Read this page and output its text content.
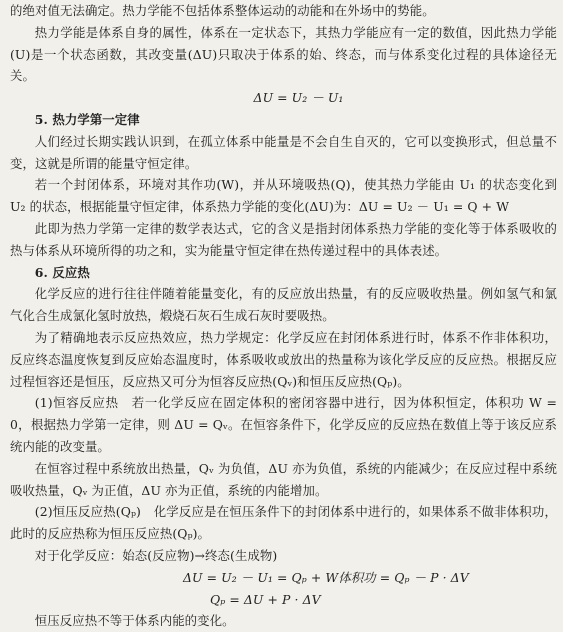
的绝对值无法确定。热力学能不包括体系整体运动的动能和在外场中的势能。

热力学能是体系自身的属性，体系在一定状态下，其热力学能应有一定的数值，因此热力学能(U)是一个状态函数，其改变量(ΔU)只取决于体系的始、终态，而与体系变化过程的具体途径无关。

ΔU = U₂ － U₁

5. 热力学第一定律

人们经过长期实践认识到，在孤立体系中能量是不会自生自灭的，它可以变换形式，但总量不变，这就是所谓的能量守恒定律。

若一个封闭体系，环境对其作功(W)，并从环境吸热(Q)，使其热力学能由 U₁ 的状态变化到 U₂ 的状态，根据能量守恒定律，体系热力学能的变化(ΔU)为：ΔU = U₂ － U₁ = Q + W

此即为热力学第一定律的数学表达式，它的含义是指封闭体系热力学能的变化等于体系吸收的热与体系从环境所得的功之和，实为能量守恒定律在热传递过程中的具体表述。

6. 反应热

化学反应的进行往往伴随着能量变化，有的反应放出热量，有的反应吸收热量。例如氢气和氯气化合生成氯化氢时放热，煅烧石灰石生成石灰时要吸热。

为了精确地表示反应热效应，热力学规定：化学反应在封闭体系进行时，体系不作非体积功，反应终态温度恢复到反应始态温度时，体系吸收或放出的热量称为该化学反应的反应热。根据反应过程恒容还是恒压，反应热又可分为恒容反应热(Qᵥ)和恒压反应热(Qₚ)。

(1)恒容反应热　若一化学反应在固定体积的密闭容器中进行，因为体积恒定，体积功 W = 0，根据热力学第一定律，则 ΔU = Qᵥ。在恒容条件下，化学反应的反应热在数值上等于该反应系统内能的改变量。

在恒容过程中系统放出热量，Qᵥ 为负值，ΔU 亦为负值，系统的内能减少；在反应过程中系统吸收热量，Qᵥ 为正值，ΔU 亦为正值，系统的内能增加。

(2)恒压反应热(Qₚ)　化学反应是在恒压条件下的封闭体系中进行的，如果体系不做非体积功，此时的反应热称为恒压反应热(Qₚ)。

对于化学反应：始态(反应物)→终态(生成物)

ΔU = U₂ － U₁ = Qₚ + W体积功 = Qₚ － P · ΔV

Qₚ = ΔU + P · ΔV

恒压反应热不等于体系内能的变化。
